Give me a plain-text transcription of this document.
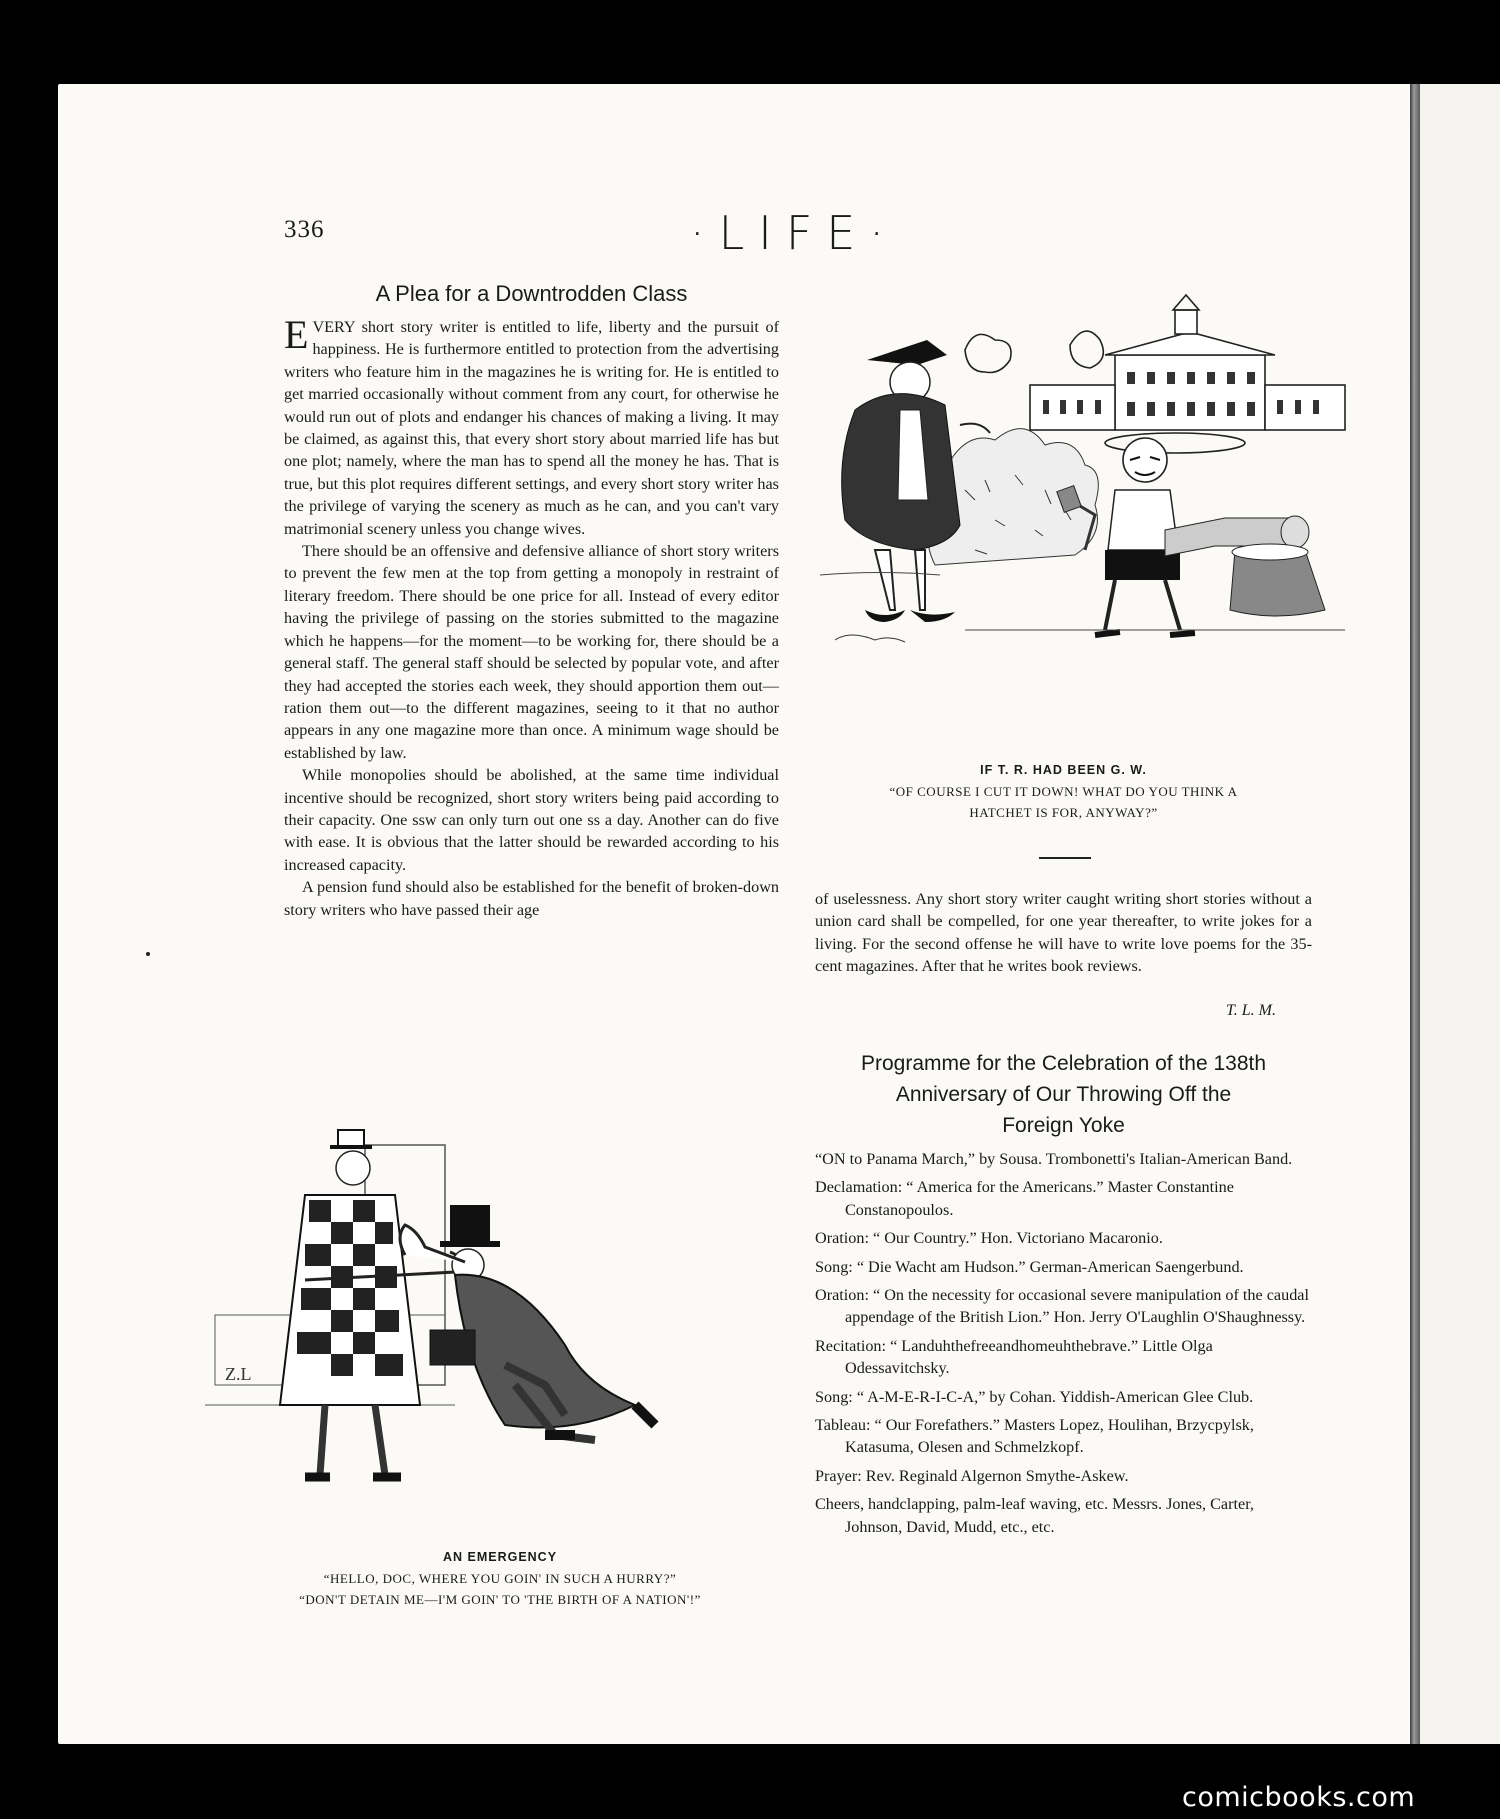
336	·LIFE·
A Plea for a Downtrodden Class

EVERY short story writer is entitled to life, liberty and the pursuit of happiness. He is furthermore entitled to protection from the advertising writers who feature him in the magazines he is writing for. He is entitled to get married occasionally without comment from any court, for otherwise he would run out of plots and endanger his chances of making a living. It may be claimed, as against this, that every short story about married life has but one plot; namely, where the man has to spend all the money he has. That is true, but this plot requires different settings, and every short story writer has the privilege of varying the scenery as much as he can, and you can't vary matrimonial scenery unless you change wives.

There should be an offensive and defensive alliance of short story writers to prevent the few men at the top from getting a monopoly in restraint of literary freedom. There should be one price for all. Instead of every editor having the privilege of passing on the stories submitted to the magazine which he happens—for the moment—to be working for, there should be a general staff. The general staff should be selected by popular vote, and after they had accepted the stories each week, they should apportion them out—ration them out—to the different magazines, seeing to it that no author appears in any one magazine more than once. A minimum wage should be established by law.

While monopolies should be abolished, at the same time individual incentive should be recognized, short story writers being paid according to their capacity. One ssw can only turn out one ss a day. Another can do five with ease. It is obvious that the latter should be rewarded according to his increased capacity.

A pension fund should also be established for the benefit of broken-down story writers who have passed their age

IF T. R. HAD BEEN G. W.
“OF COURSE I CUT IT DOWN! WHAT DO YOU THINK A
HATCHET IS FOR, ANYWAY?”

of uselessness. Any short story writer caught writing short stories without a union card shall be compelled, for one year thereafter, to write jokes for a living. For the second offense he will have to write love poems for the 35-cent magazines. After that he writes book reviews.

T. L. M.
Programme for the Celebration of the 138th
Anniversary of Our Throwing Off the
Foreign Yoke
“ON to Panama March,” by Sousa. Trombonetti's Italian-American Band.
Declamation: “ America for the Americans.” Master Constantine Constanopoulos.
Oration: “ Our Country.” Hon. Victoriano Macaronio.
Song: “ Die Wacht am Hudson.” German-American Saengerbund.
Oration: “ On the necessity for occasional severe manipulation of the caudal appendage of the British Lion.” Hon. Jerry O'Laughlin O'Shaughnessy.
Recitation: “ Landuhthefreeandhomeuhthebrave.” Little Olga Odessavitchsky.
Song: “ A-M-E-R-I-C-A,” by Cohan. Yiddish-American Glee Club.
Tableau: “ Our Forefathers.” Masters Lopez, Houlihan, Brzycpylsk, Katasuma, Olesen and Schmelzkopf.
Prayer: Rev. Reginald Algernon Smythe-Askew.
Cheers, handclapping, palm-leaf waving, etc. Messrs. Jones, Carter, Johnson, David, Mudd, etc., etc.
Z.L
AN EMERGENCY
“HELLO, DOC, WHERE YOU GOIN' IN SUCH A HURRY?”
“DON'T DETAIN ME—I'M GOIN' TO 'THE BIRTH OF A NATION'!”
comicbooks.com
